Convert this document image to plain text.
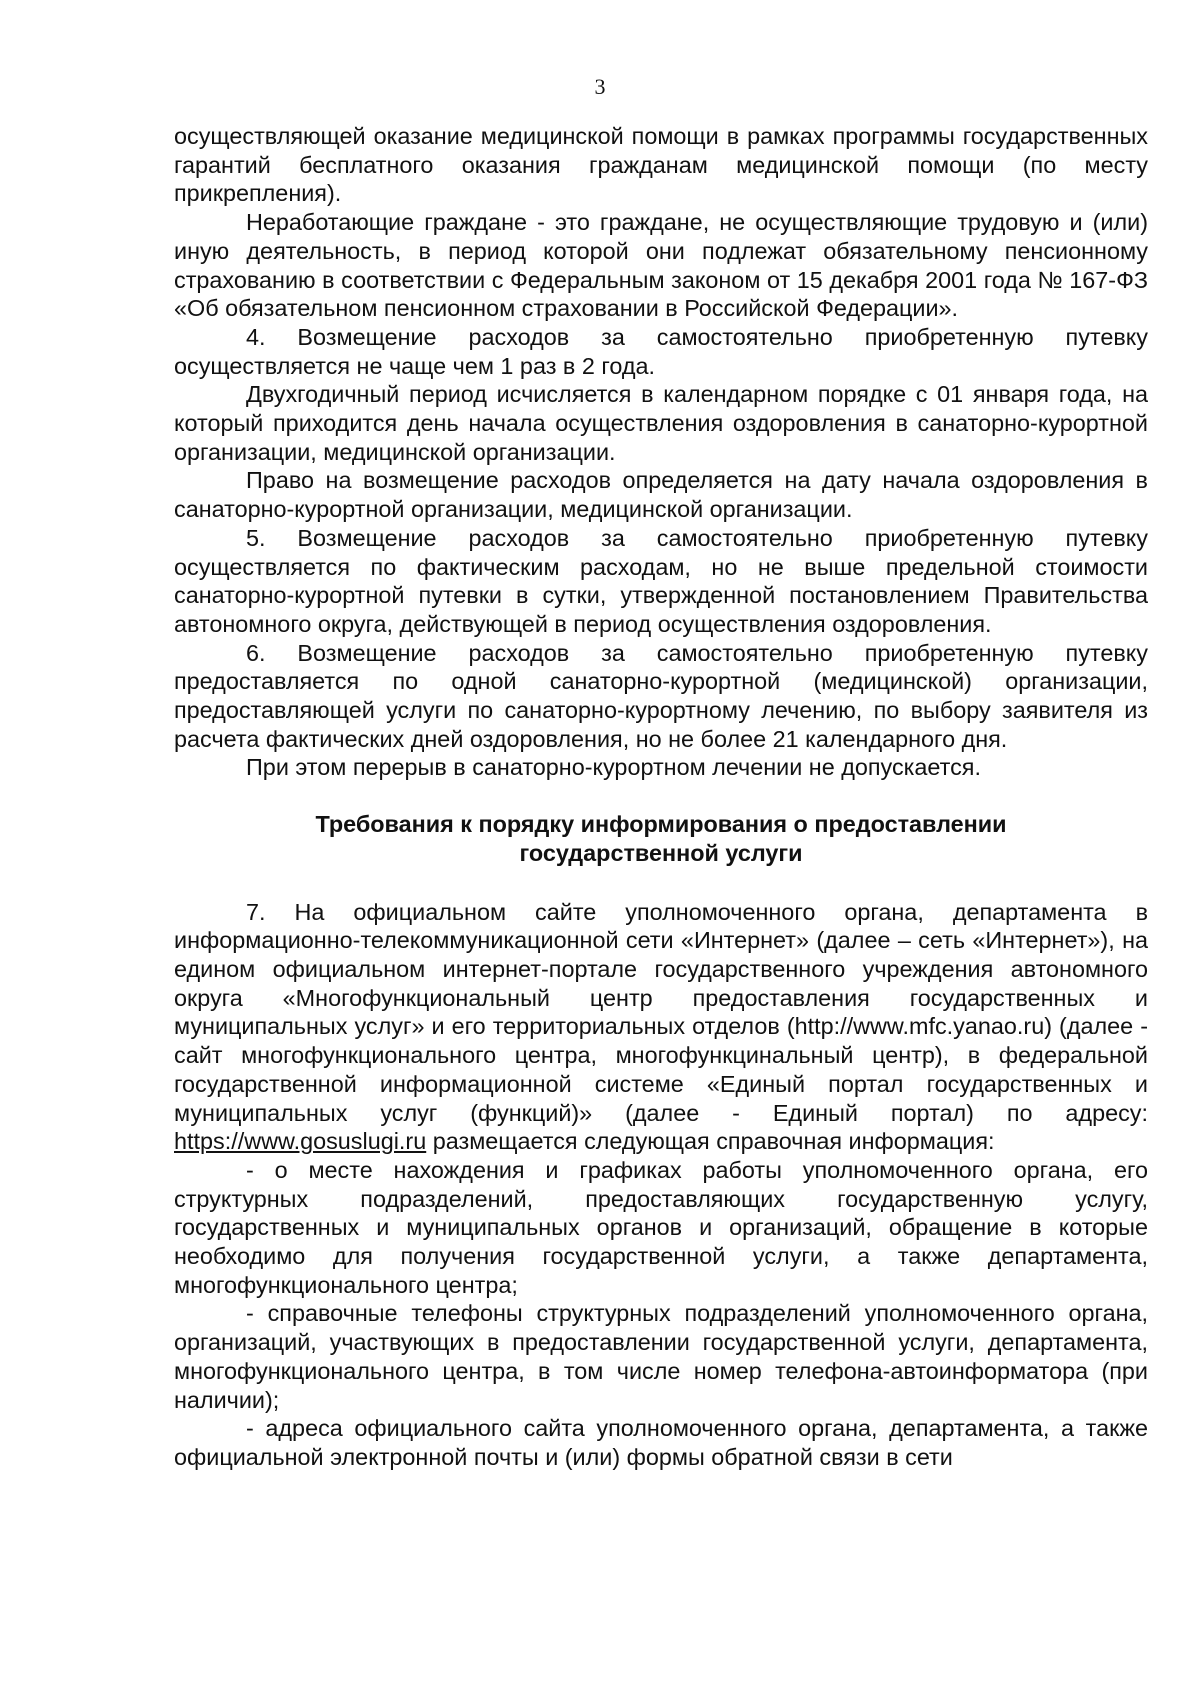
3

осуществляющей оказание медицинской помощи в рамках программы государственных гарантий бесплатного оказания гражданам медицинской помощи (по месту прикрепления).

Неработающие граждане - это граждане, не осуществляющие трудовую и (или) иную деятельность, в период которой они подлежат обязательному пенсионному страхованию в соответствии с Федеральным законом от 15 декабря 2001 года № 167-ФЗ «Об обязательном пенсионном страховании в Российской Федерации».

4. Возмещение расходов за самостоятельно приобретенную путевку осуществляется не чаще чем 1 раз в 2 года.

Двухгодичный период исчисляется в календарном порядке с 01 января года, на который приходится день начала осуществления оздоровления в санаторно-курортной организации, медицинской организации.

Право на возмещение расходов определяется на дату начала оздоровления в санаторно-курортной организации, медицинской организации.

5. Возмещение расходов за самостоятельно приобретенную путевку осуществляется по фактическим расходам, но не выше предельной стоимости санаторно-курортной путевки в сутки, утвержденной постановлением Правительства автономного округа, действующей в период осуществления оздоровления.

6. Возмещение расходов за самостоятельно приобретенную путевку предоставляется по одной санаторно-курортной (медицинской) организации, предоставляющей услуги по санаторно-курортному лечению, по выбору заявителя из расчета фактических дней оздоровления, но не более 21 календарного дня.

При этом перерыв в санаторно-курортном лечении не допускается.

Требования к порядку информирования о предоставлении государственной услуги

7. На официальном сайте уполномоченного органа, департамента в информационно-телекоммуникационной сети «Интернет» (далее – сеть «Интернет»), на едином официальном интернет-портале государственного учреждения автономного округа «Многофункциональный центр предоставления государственных и муниципальных услуг» и его территориальных отделов (http://www.mfc.yanao.ru) (далее - сайт многофункционального центра, многофункцинальный центр), в федеральной государственной информационной системе «Единый портал государственных и муниципальных услуг (функций)» (далее - Единый портал) по адресу: https://www.gosuslugi.ru размещается следующая справочная информация:

- о месте нахождения и графиках работы уполномоченного органа, его структурных подразделений, предоставляющих государственную услугу, государственных и муниципальных органов и организаций, обращение в которые необходимо для получения государственной услуги, а также департамента, многофункционального центра;

- справочные телефоны структурных подразделений уполномоченного органа, организаций, участвующих в предоставлении государственной услуги, департамента, многофункционального центра, в том числе номер телефона-автоинформатора (при наличии);

- адреса официального сайта уполномоченного органа, департамента, а также официальной электронной почты и (или) формы обратной связи в сети
